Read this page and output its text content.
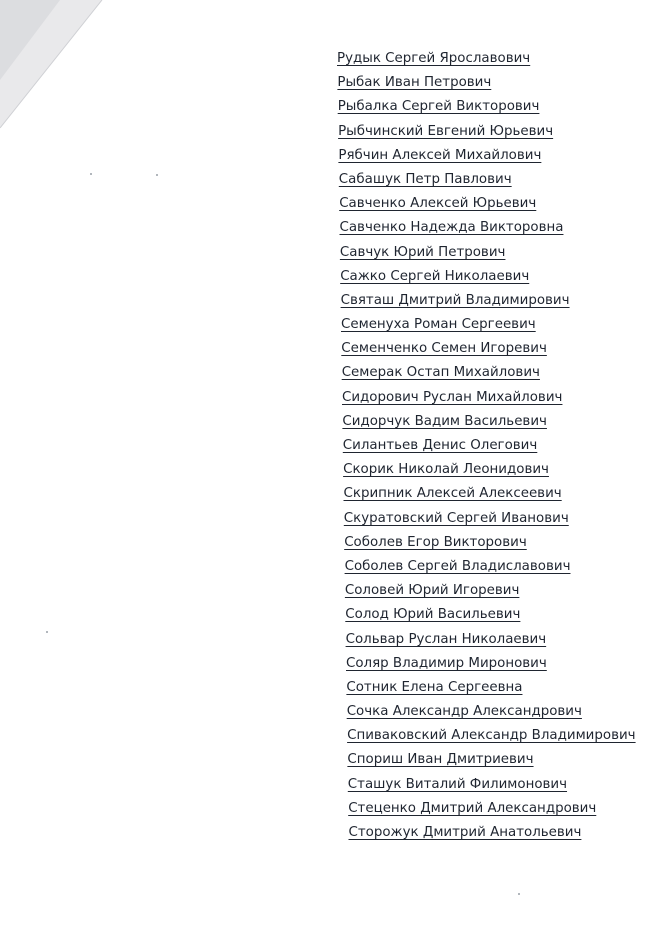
Рудык Сергей Ярославович
Рыбак Иван Петрович
Рыбалка Сергей Викторович
Рыбчинский Евгений Юрьевич
Рябчин Алексей Михайлович
Сабашук Петр Павлович
Савченко Алексей Юрьевич
Савченко Надежда Викторовна
Савчук Юрий Петрович
Сажко Сергей Николаевич
Святаш Дмитрий Владимирович
Семенуха Роман Сергеевич
Семенченко Семен Игоревич
Семерак Остап Михайлович
Сидорович Руслан Михайлович
Сидорчук Вадим Васильевич
Силантьев Денис Олегович
Скорик Николай Леонидович
Скрипник Алексей Алексеевич
Скуратовский Сергей Иванович
Соболев Егор Викторович
Соболев Сергей Владиславович
Соловей Юрий Игоревич
Солод Юрий Васильевич
Сольвар Руслан Николаевич
Соляр Владимир Миронович
Сотник Елена Сергеевна
Сочка Александр Александрович
Спиваковский Александр Владимирович
Спориш Иван Дмитриевич
Сташук Виталий Филимонович
Стеценко Дмитрий Александрович
Сторожук Дмитрий Анатольевич
